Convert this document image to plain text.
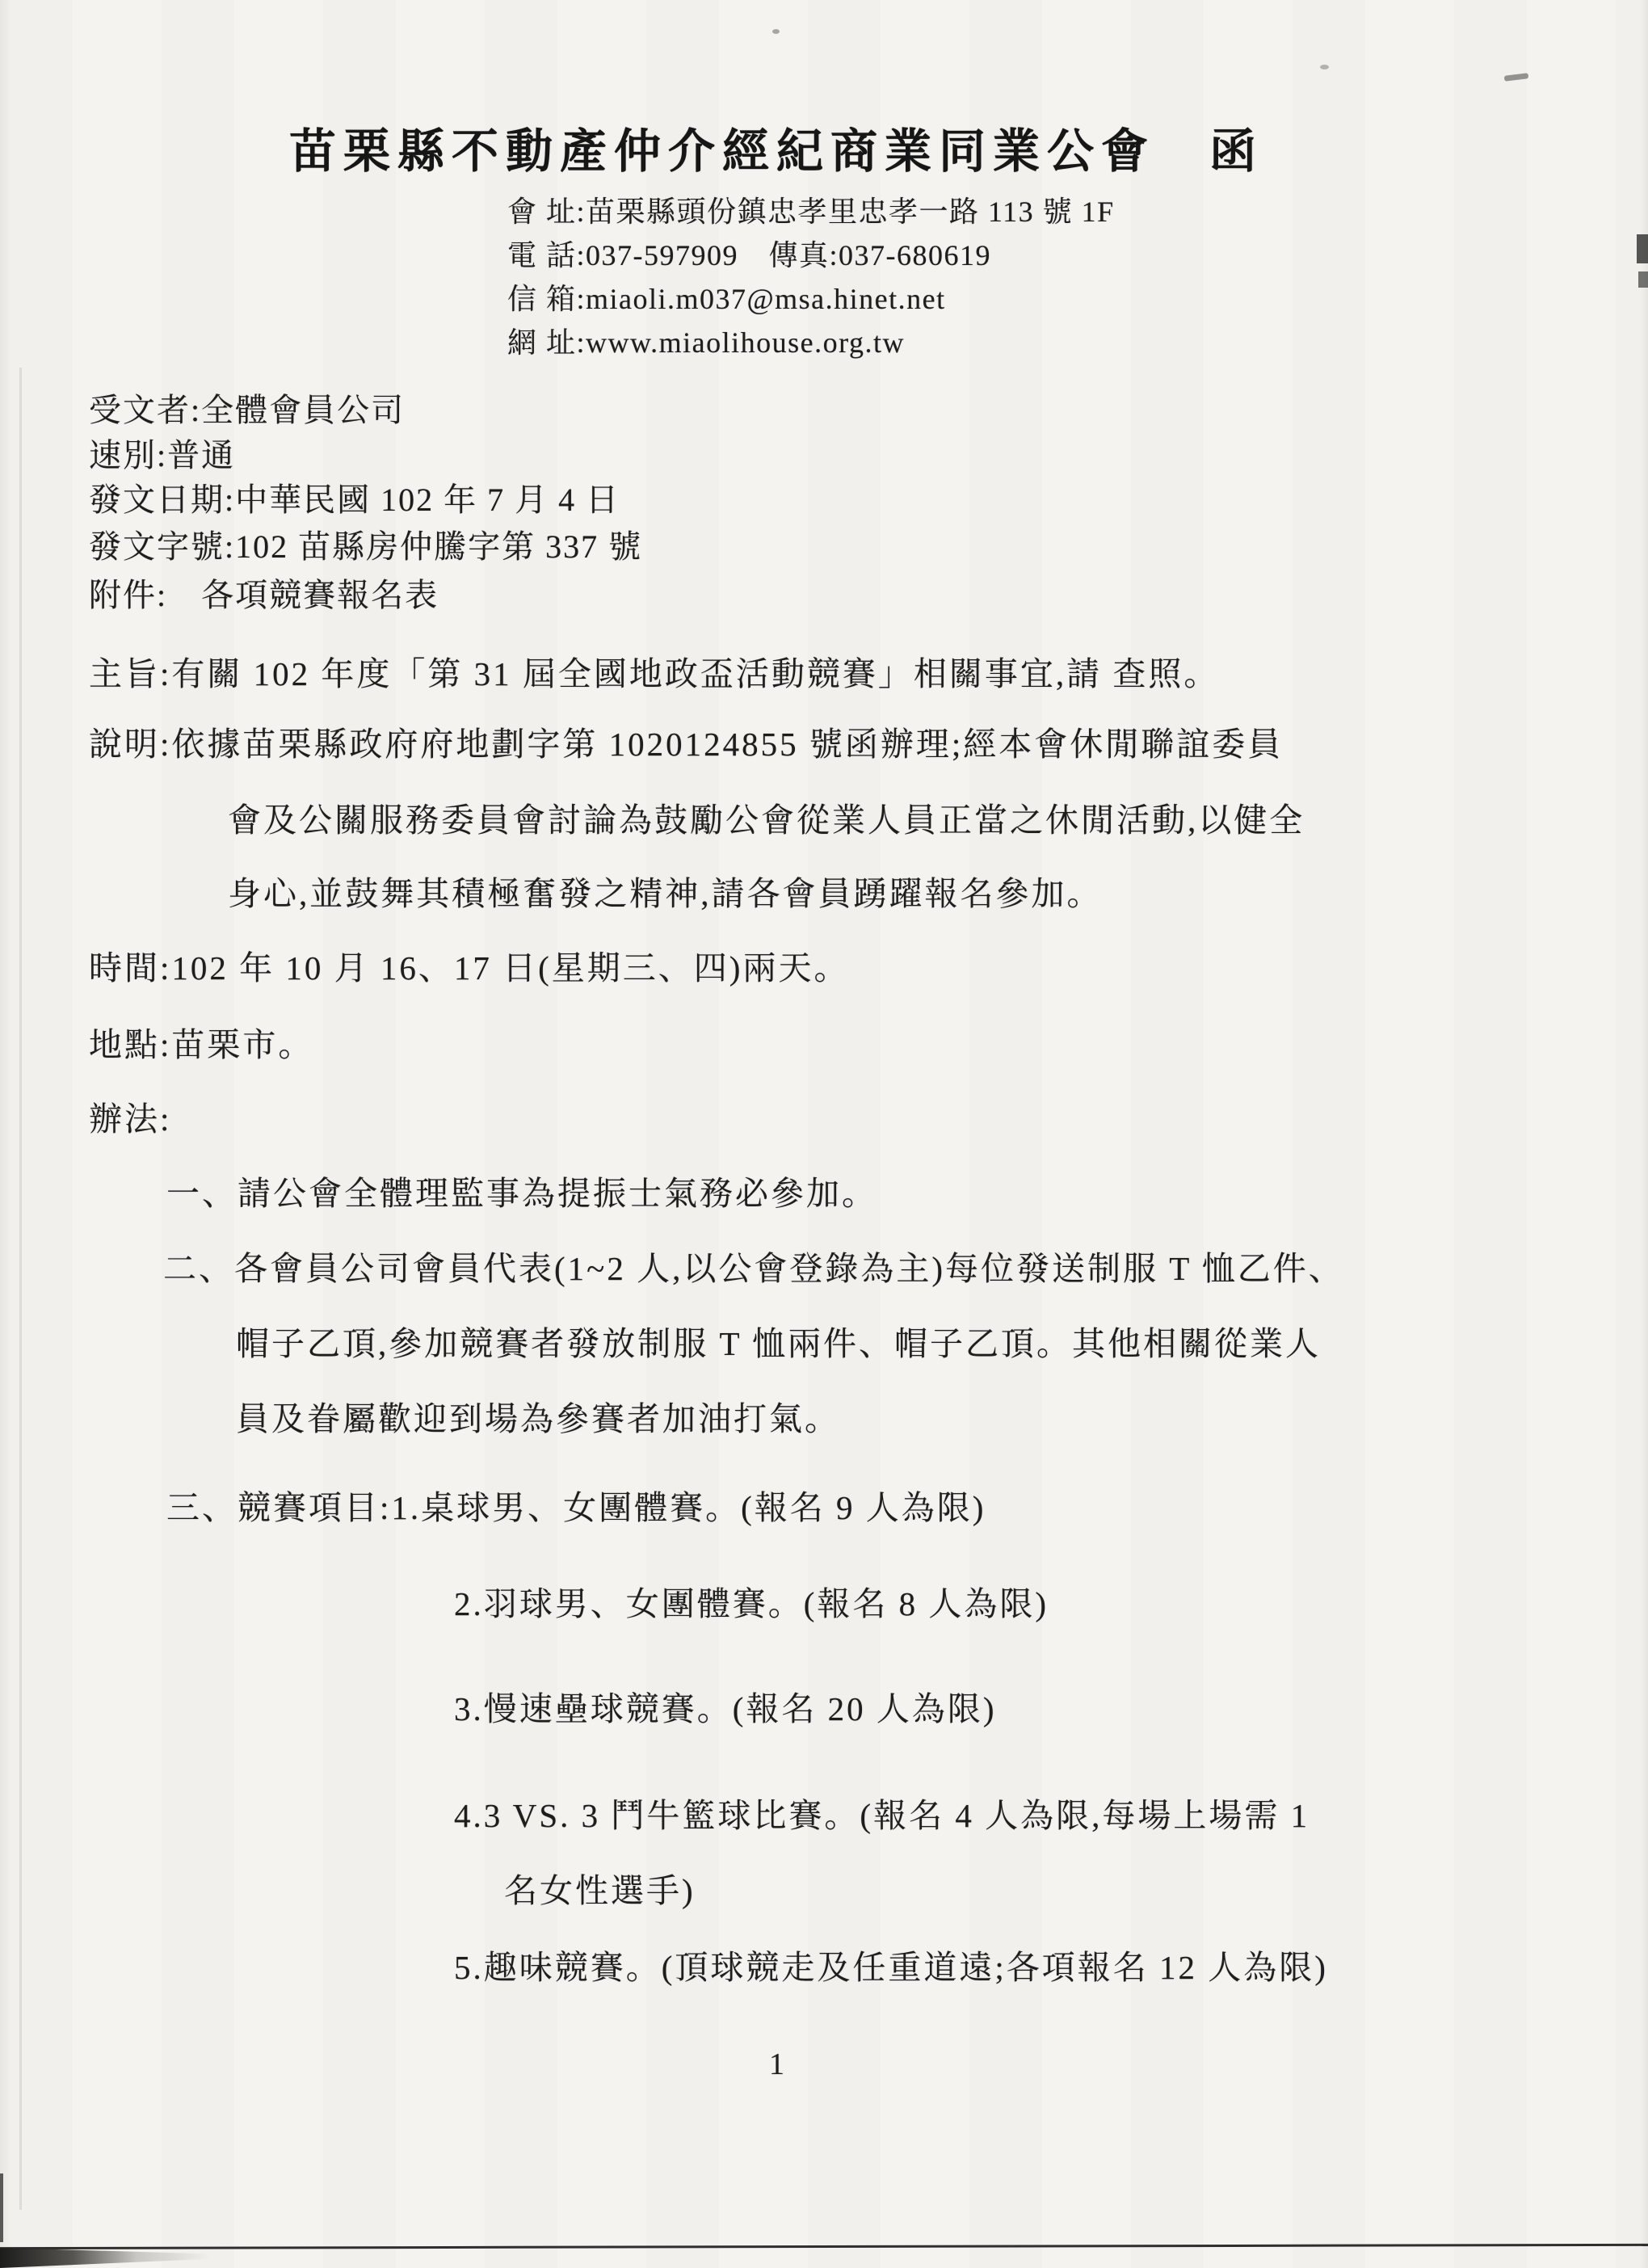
苗栗縣不動產仲介經紀商業同業公會　函
會 址:苗栗縣頭份鎮忠孝里忠孝一路 113 號 1F
電 話:037-597909　傳真:037-680619
信 箱:miaoli.m037@msa.hinet.net
網 址:www.miaolihouse.org.tw
受文者:全體會員公司
速別:普通
發文日期:中華民國 102 年 7 月 4 日
發文字號:102 苗縣房仲騰字第 337 號
附件:　各項競賽報名表
主旨:有關 102 年度「第 31 屆全國地政盃活動競賽」相關事宜,請 查照。
說明:依據苗栗縣政府府地劃字第 1020124855 號函辦理;經本會休閒聯誼委員
會及公關服務委員會討論為鼓勵公會從業人員正當之休閒活動,以健全
身心,並鼓舞其積極奮發之精神,請各會員踴躍報名參加。
時間:102 年 10 月 16、17 日(星期三、四)兩天。
地點:苗栗市。
辦法:
一、請公會全體理監事為提振士氣務必參加。
二、各會員公司會員代表(1~2 人,以公會登錄為主)每位發送制服 T 恤乙件、
帽子乙頂,參加競賽者發放制服 T 恤兩件、帽子乙頂。其他相關從業人
員及眷屬歡迎到場為參賽者加油打氣。
三、競賽項目:1.桌球男、女團體賽。(報名 9 人為限)
2.羽球男、女團體賽。(報名 8 人為限)
3.慢速壘球競賽。(報名 20 人為限)
4.3 VS. 3 鬥牛籃球比賽。(報名 4 人為限,每場上場需 1
名女性選手)
5.趣味競賽。(頂球競走及任重道遠;各項報名 12 人為限)
1
